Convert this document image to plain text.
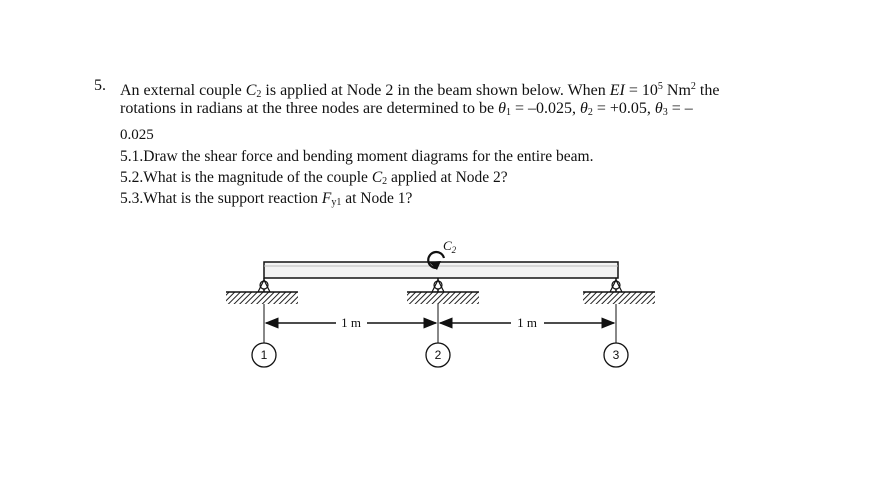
5. An external couple C2 is applied at Node 2 in the beam shown below. When EI = $10^5$ Nm$^2$ the
rotations in radians at the three nodes are determined to be θ1 = –0.025, θ2 = +0.05, θ3 = –
0.025
5.1.Draw the shear force and bending moment diagrams for the entire beam.
5.2.What is the magnitude of the couple C2 applied at Node 2?
5.3.What is the support reaction Fy1 at Node 1?
$C_2$
1 m	1 m
1	2	3
